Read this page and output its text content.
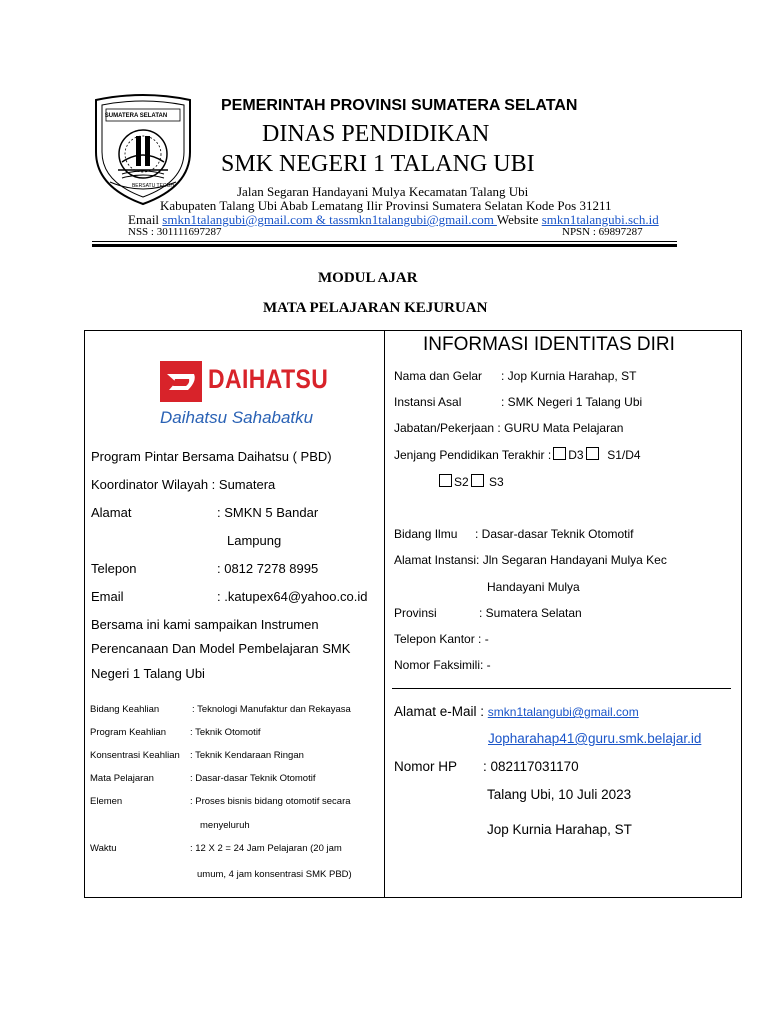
SUMATERA SELATAN
BERSATU TEGUH
PEMERINTAH PROVINSI SUMATERA SELATAN
DINAS PENDIDIKAN
SMK NEGERI 1 TALANG UBI
Jalan Segaran Handayani Mulya Kecamatan Talang Ubi
Kabupaten Talang Ubi Abab Lematang Ilir Provinsi Sumatera Selatan Kode Pos 31211
Email smkn1talangubi@gmail.com & tassmkn1talangubi@gmail.com Website smkn1talangubi.sch.id
NSS : 301111697287	NPSN : 69897287
MODUL AJAR
MATA PELAJARAN KEJURUAN
DAIHATSU
Daihatsu Sahabatku
Program Pintar Bersama Daihatsu ( PBD)
Koordinator Wilayah : Sumatera
Alamat	: SMKN 5 Bandar
Lampung
Telepon	: 0812 7278 8995
Email	: .katupex64@yahoo.co.id
Bersama ini kami sampaikan Instrumen
Perencanaan Dan Model Pembelajaran SMK
Negeri 1 Talang Ubi
Bidang Keahlian	: Teknologi Manufaktur dan Rekayasa
Program Keahlian	: Teknik Otomotif
Konsentrasi Keahlian : Teknik Kendaraan Ringan
Mata Pelajaran	: Dasar-dasar Teknik Otomotif
Elemen	: Proses bisnis bidang otomotif secara
menyeluruh
Waktu	: 12 X 2 = 24 Jam Pelajaran (20 jam
umum, 4 jam konsentrasi SMK PBD)
INFORMASI IDENTITAS DIRI
Nama dan Gelar : Jop Kurnia Harahap, ST
Instansi Asal	: SMK Negeri 1 Talang Ubi
Jabatan/Pekerjaan : GURU Mata Pelajaran
Jenjang Pendidikan Terakhir : D3 S1/D4
S2 S3
Bidang Ilmu : Dasar-dasar Teknik Otomotif
Alamat Instansi: Jln Segaran Handayani Mulya Kec
Handayani Mulya
Provinsi	: Sumatera Selatan
Telepon Kantor : -
Nomor Faksimili: -
Alamat e-Mail : smkn1talangubi@gmail.com
Jopharahap41@guru.smk.belajar.id
Nomor HP : 082117031170
Talang Ubi, 10 Juli 2023
Jop Kurnia Harahap, ST
